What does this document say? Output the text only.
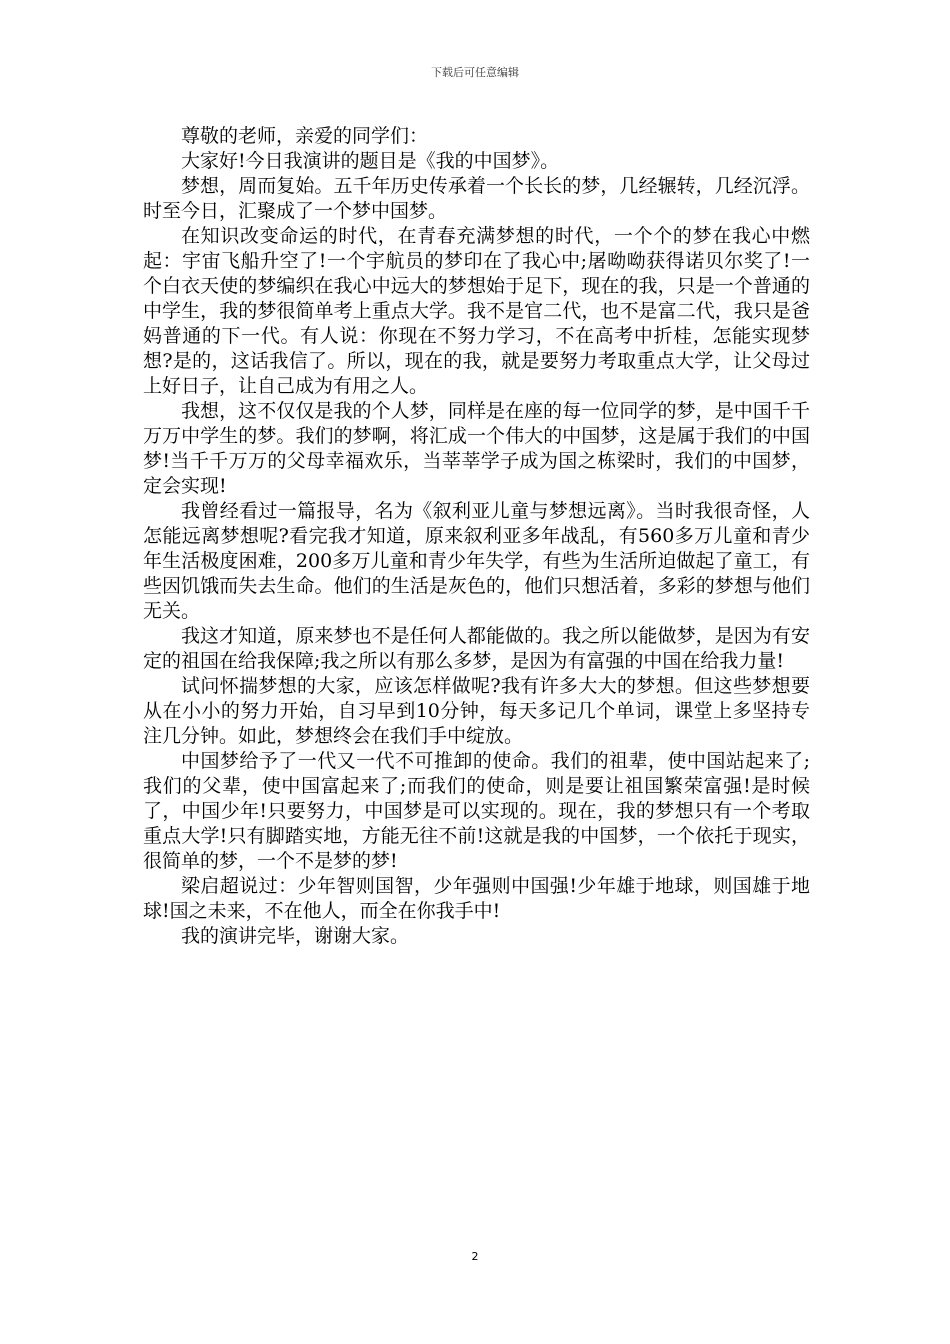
下载后可任意编辑

尊敬的老师，亲爱的同学们：

大家好!今日我演讲的题目是《我的中国梦》。

梦想，周而复始。五千年历史传承着一个长长的梦，几经辗转，几经沉浮。时至今日，汇聚成了一个梦中国梦。

在知识改变命运的时代，在青春充满梦想的时代，一个个的梦在我心中燃起：宇宙飞船升空了!一个宇航员的梦印在了我心中;屠呦呦获得诺贝尔奖了!一个白衣天使的梦编织在我心中远大的梦想始于足下，现在的我，只是一个普通的中学生，我的梦很简单考上重点大学。我不是官二代，也不是富二代，我只是爸妈普通的下一代。有人说：你现在不努力学习，不在高考中折桂，怎能实现梦想?是的，这话我信了。所以，现在的我，就是要努力考取重点大学，让父母过上好日子，让自己成为有用之人。

我想，这不仅仅是我的个人梦，同样是在座的每一位同学的梦，是中国千千万万中学生的梦。我们的梦啊，将汇成一个伟大的中国梦，这是属于我们的中国梦!当千千万万的父母幸福欢乐，当莘莘学子成为国之栋梁时，我们的中国梦，定会实现!

我曾经看过一篇报导，名为《叙利亚儿童与梦想远离》。当时我很奇怪，人怎能远离梦想呢?看完我才知道，原来叙利亚多年战乱，有560多万儿童和青少年生活极度困难，200多万儿童和青少年失学，有些为生活所迫做起了童工，有些因饥饿而失去生命。他们的生活是灰色的，他们只想活着，多彩的梦想与他们无关。

我这才知道，原来梦也不是任何人都能做的。我之所以能做梦，是因为有安定的祖国在给我保障;我之所以有那么多梦，是因为有富强的中国在给我力量!

试问怀揣梦想的大家，应该怎样做呢?我有许多大大的梦想。但这些梦想要从在小小的努力开始，自习早到10分钟，每天多记几个单词，课堂上多坚持专注几分钟。如此，梦想终会在我们手中绽放。

中国梦给予了一代又一代不可推卸的使命。我们的祖辈，使中国站起来了;我们的父辈，使中国富起来了;而我们的使命，则是要让祖国繁荣富强!是时候了，中国少年!只要努力，中国梦是可以实现的。现在，我的梦想只有一个考取重点大学!只有脚踏实地，方能无往不前!这就是我的中国梦，一个依托于现实，很简单的梦，一个不是梦的梦!

梁启超说过：少年智则国智，少年强则中国强!少年雄于地球，则国雄于地球!国之未来，不在他人，而全在你我手中!

我的演讲完毕，谢谢大家。

2
